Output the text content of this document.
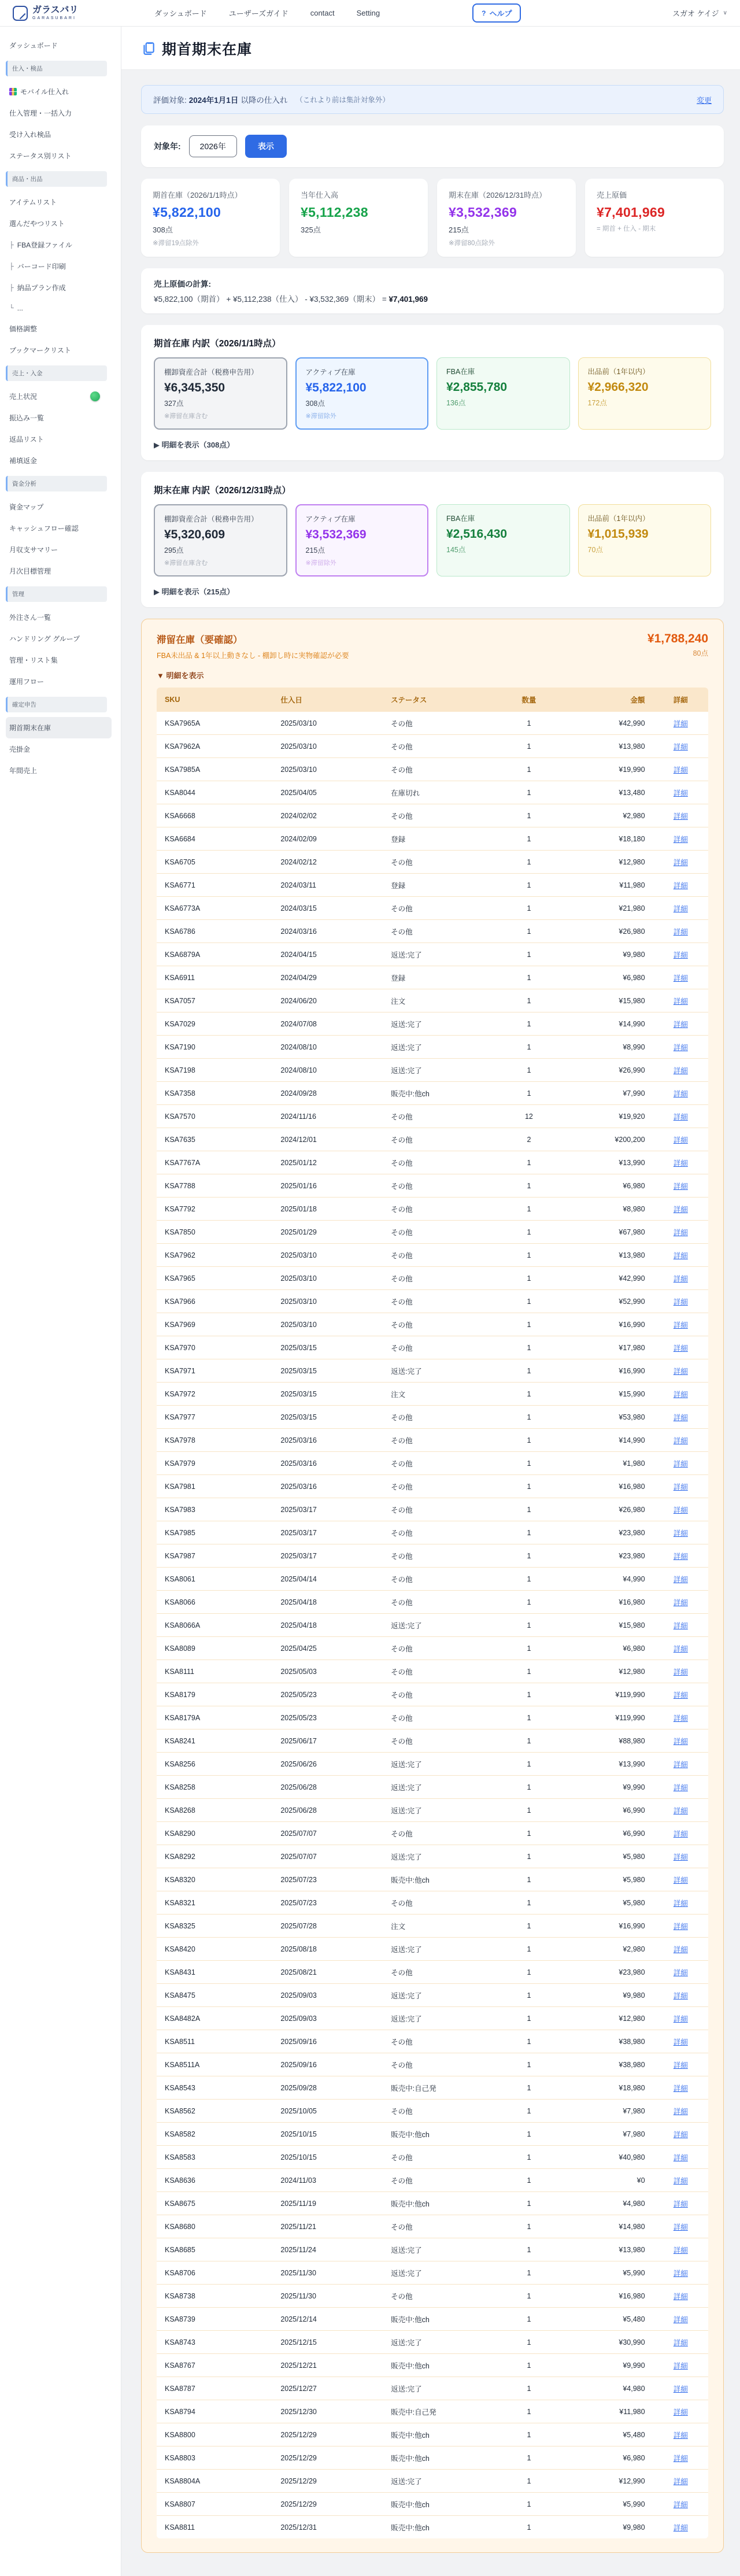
ガラスバリ
GARASUBARI
ダッシュボード	ユーザーズガイド	contact	Setting	? ヘルプ	スガオ ケイジ ∨
ダッシュボード
仕入・検品
モバイル仕入れ
仕入管理・一括入力
受け入れ検品
ステータス別リスト
商品・出品
アイテムリスト
選んだやつリスト
├ FBA登録ファイル
├ バーコード印刷
├ 納品プラン作成
└ ...
価格調整
ブックマークリスト
売上・入金
売上状況
振込み一覧
返品リスト
補填返金
資金分析
資金マップ
キャッシュフロー確認
月収支サマリー
月次目標管理
管理
外注さん一覧
ハンドリング グループ
管理・リスト集
運用フロー
確定申告
期首期末在庫
売掛金
年間売上
期首期末在庫
評価対象: 2024年1月1日 以降の仕入れ （これより前は集計対象外）	変更
対象年:	2026年	表示
期首在庫（2026/1/1時点）
¥5,822,100
308点
※滞留19点除外
当年仕入高
¥5,112,238
325点
期末在庫（2026/12/31時点）
¥3,532,369
215点
※滞留80点除外
売上原価
¥7,401,969
= 期首 + 仕入 - 期末
売上原価の計算:
¥5,822,100（期首） + ¥5,112,238（仕入） - ¥3,532,369（期末） = ¥7,401,969
期首在庫 内訳（2026/1/1時点）
棚卸資産合計（税務申告用）
¥6,345,350
327点
※滞留在庫含む
アクティブ在庫
¥5,822,100
308点
※滞留除外
FBA在庫
¥2,855,780
136点
出品前（1年以内）
¥2,966,320
172点
▶ 明細を表示（308点）
期末在庫 内訳（2026/12/31時点）
棚卸資産合計（税務申告用）
¥5,320,609
295点
※滞留在庫含む
アクティブ在庫
¥3,532,369
215点
※滞留除外
FBA在庫
¥2,516,430
145点
出品前（1年以内）
¥1,015,939
70点
▶ 明細を表示（215点）
滞留在庫（要確認）
FBA未出品 & 1年以上動きなし - 棚卸し時に実物確認が必要
¥1,788,240
80点
▼ 明細を表示
SKU	仕入日	ステータス	数量	金額	詳細
KSA7965A	2025/03/10	その他	1	¥42,990	詳細
KSA7962A	2025/03/10	その他	1	¥13,980	詳細
KSA7985A	2025/03/10	その他	1	¥19,990	詳細
KSA8044	2025/04/05	在庫切れ	1	¥13,480	詳細
KSA6668	2024/02/02	その他	1	¥2,980	詳細
KSA6684	2024/02/09	登録	1	¥18,180	詳細
KSA6705	2024/02/12	その他	1	¥12,980	詳細
KSA6771	2024/03/11	登録	1	¥11,980	詳細
KSA6773A	2024/03/15	その他	1	¥21,980	詳細
KSA6786	2024/03/16	その他	1	¥26,980	詳細
KSA6879A	2024/04/15	返送:完了	1	¥9,980	詳細
KSA6911	2024/04/29	登録	1	¥6,980	詳細
KSA7057	2024/06/20	注文	1	¥15,980	詳細
KSA7029	2024/07/08	返送:完了	1	¥14,990	詳細
KSA7190	2024/08/10	返送:完了	1	¥8,990	詳細
KSA7198	2024/08/10	返送:完了	1	¥26,990	詳細
KSA7358	2024/09/28	販売中:他ch	1	¥7,990	詳細
KSA7570	2024/11/16	その他	12	¥19,920	詳細
KSA7635	2024/12/01	その他	2	¥200,200	詳細
KSA7767A	2025/01/12	その他	1	¥13,990	詳細
KSA7788	2025/01/16	その他	1	¥6,980	詳細
KSA7792	2025/01/18	その他	1	¥8,980	詳細
KSA7850	2025/01/29	その他	1	¥67,980	詳細
KSA7962	2025/03/10	その他	1	¥13,980	詳細
KSA7965	2025/03/10	その他	1	¥42,990	詳細
KSA7966	2025/03/10	その他	1	¥52,990	詳細
KSA7969	2025/03/10	その他	1	¥16,990	詳細
KSA7970	2025/03/15	その他	1	¥17,980	詳細
KSA7971	2025/03/15	返送:完了	1	¥16,990	詳細
KSA7972	2025/03/15	注文	1	¥15,990	詳細
KSA7977	2025/03/15	その他	1	¥53,980	詳細
KSA7978	2025/03/16	その他	1	¥14,990	詳細
KSA7979	2025/03/16	その他	1	¥1,980	詳細
KSA7981	2025/03/16	その他	1	¥16,980	詳細
KSA7983	2025/03/17	その他	1	¥26,980	詳細
KSA7985	2025/03/17	その他	1	¥23,980	詳細
KSA7987	2025/03/17	その他	1	¥23,980	詳細
KSA8061	2025/04/14	その他	1	¥4,990	詳細
KSA8066	2025/04/18	その他	1	¥16,980	詳細
KSA8066A	2025/04/18	返送:完了	1	¥15,980	詳細
KSA8089	2025/04/25	その他	1	¥6,980	詳細
KSA8111	2025/05/03	その他	1	¥12,980	詳細
KSA8179	2025/05/23	その他	1	¥119,990	詳細
KSA8179A	2025/05/23	その他	1	¥119,990	詳細
KSA8241	2025/06/17	その他	1	¥88,980	詳細
KSA8256	2025/06/26	返送:完了	1	¥13,990	詳細
KSA8258	2025/06/28	返送:完了	1	¥9,990	詳細
KSA8268	2025/06/28	返送:完了	1	¥6,990	詳細
KSA8290	2025/07/07	その他	1	¥6,990	詳細
KSA8292	2025/07/07	返送:完了	1	¥5,980	詳細
KSA8320	2025/07/23	販売中:他ch	1	¥5,980	詳細
KSA8321	2025/07/23	その他	1	¥5,980	詳細
KSA8325	2025/07/28	注文	1	¥16,990	詳細
KSA8420	2025/08/18	返送:完了	1	¥2,980	詳細
KSA8431	2025/08/21	その他	1	¥23,980	詳細
KSA8475	2025/09/03	返送:完了	1	¥9,980	詳細
KSA8482A	2025/09/03	返送:完了	1	¥12,980	詳細
KSA8511	2025/09/16	その他	1	¥38,980	詳細
KSA8511A	2025/09/16	その他	1	¥38,980	詳細
KSA8543	2025/09/28	販売中:自己発	1	¥18,980	詳細
KSA8562	2025/10/05	その他	1	¥7,980	詳細
KSA8582	2025/10/15	販売中:他ch	1	¥7,980	詳細
KSA8583	2025/10/15	その他	1	¥40,980	詳細
KSA8636	2024/11/03	その他	1	¥0	詳細
KSA8675	2025/11/19	販売中:他ch	1	¥4,980	詳細
KSA8680	2025/11/21	その他	1	¥14,980	詳細
KSA8685	2025/11/24	返送:完了	1	¥13,980	詳細
KSA8706	2025/11/30	返送:完了	1	¥5,990	詳細
KSA8738	2025/11/30	その他	1	¥16,980	詳細
KSA8739	2025/12/14	販売中:他ch	1	¥5,480	詳細
KSA8743	2025/12/15	返送:完了	1	¥30,990	詳細
KSA8767	2025/12/21	販売中:他ch	1	¥9,990	詳細
KSA8787	2025/12/27	返送:完了	1	¥4,980	詳細
KSA8794	2025/12/30	販売中:自己発	1	¥11,980	詳細
KSA8800	2025/12/29	販売中:他ch	1	¥5,480	詳細
KSA8803	2025/12/29	販売中:他ch	1	¥6,980	詳細
KSA8804A	2025/12/29	返送:完了	1	¥12,990	詳細
KSA8807	2025/12/29	販売中:他ch	1	¥5,990	詳細
KSA8811	2025/12/31	販売中:他ch	1	¥9,980	詳細
